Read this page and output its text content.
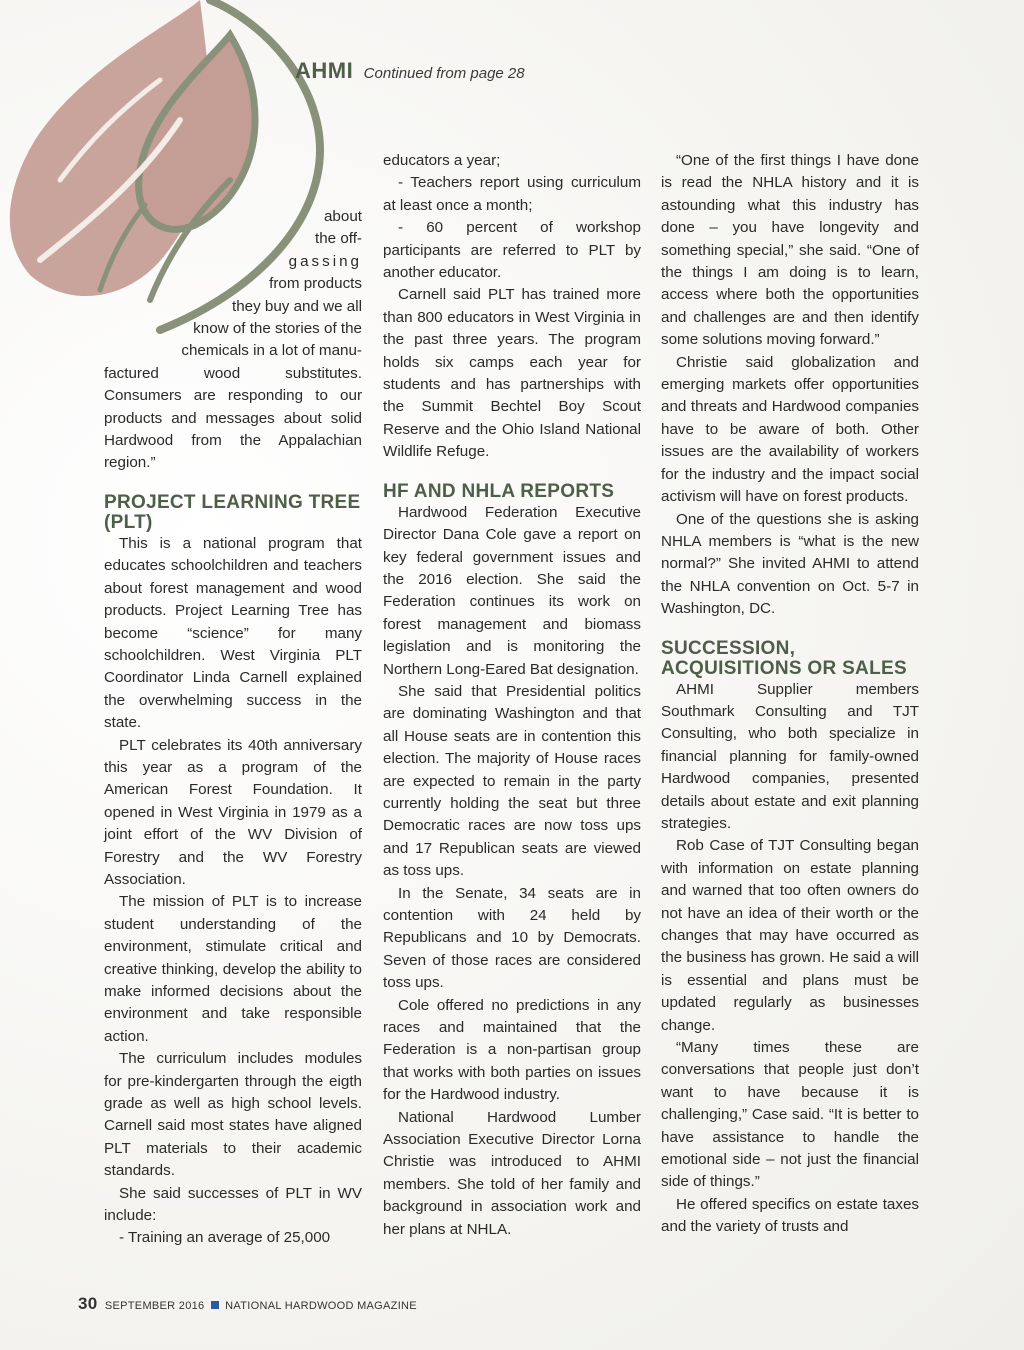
AHMI Continued from page 28
about
the off-
gassing
from products
they buy and we all
know of the stories of the
chemicals in a lot of manu-

factured wood substitutes. Consumers are responding to our products and messages about solid Hardwood from the Appalachian region.”

PROJECT LEARNING TREE (PLT)

This is a national program that educates schoolchildren and teachers about forest management and wood products. Project Learning Tree has become “science” for many schoolchildren. West Virginia PLT Coordinator Linda Carnell explained the overwhelming success in the state.

PLT celebrates its 40th anniversary this year as a program of the American Forest Foundation. It opened in West Virginia in 1979 as a joint effort of the WV Division of Forestry and the WV Forestry Association.

The mission of PLT is to increase student understanding of the environment, stimulate critical and creative thinking, develop the ability to make informed decisions about the environment and take responsible action.

The curriculum includes modules for pre-kindergarten through the eigth grade as well as high school levels. Carnell said most states have aligned PLT materials to their academic standards.

She said successes of PLT in WV include:

- Training an average of 25,000

educators a year;

- Teachers report using curriculum at least once a month;

- 60 percent of workshop participants are referred to PLT by another educator.

Carnell said PLT has trained more than 800 educators in West Virginia in the past three years. The program holds six camps each year for students and has partnerships with the Summit Bechtel Boy Scout Reserve and the Ohio Island National Wildlife Refuge.

HF AND NHLA REPORTS

Hardwood Federation Executive Director Dana Cole gave a report on key federal government issues and the 2016 election. She said the Federation continues its work on forest management and biomass legislation and is monitoring the Northern Long-Eared Bat designation.

She said that Presidential politics are dominating Washington and that all House seats are in contention this election. The majority of House races are expected to remain in the party currently holding the seat but three Democratic races are now toss ups and 17 Republican seats are viewed as toss ups.

In the Senate, 34 seats are in contention with 24 held by Republicans and 10 by Democrats. Seven of those races are considered toss ups.

Cole offered no predictions in any races and maintained that the Federation is a non-partisan group that works with both parties on issues for the Hardwood industry.

National Hardwood Lumber Association Executive Director Lorna Christie was introduced to AHMI members. She told of her family and background in association work and her plans at NHLA.

“One of the first things I have done is read the NHLA history and it is astounding what this industry has done – you have longevity and something special,” she said. “One of the things I am doing is to learn, access where both the opportunities and challenges are and then identify some solutions moving forward.”

Christie said globalization and emerging markets offer opportunities and threats and Hardwood companies have to be aware of both. Other issues are the availability of workers for the industry and the impact social activism will have on forest products.

One of the questions she is asking NHLA members is “what is the new normal?” She invited AHMI to attend the NHLA convention on Oct. 5-7 in Washington, DC.

SUCCESSION, ACQUISITIONS OR SALES

AHMI Supplier members Southmark Consulting and TJT Consulting, who both specialize in financial planning for family-owned Hardwood companies, presented details about estate and exit planning strategies.

Rob Case of TJT Consulting began with information on estate planning and warned that too often owners do not have an idea of their worth or the changes that may have occurred as the business has grown. He said a will is essential and plans must be updated regularly as businesses change.

“Many times these are conversations that people just don’t want to have because it is challenging,” Case said. “It is better to have assistance to handle the emotional side – not just the financial side of things.”

He offered specifics on estate taxes and the variety of trusts and

30 SEPTEMBER 2016 NATIONAL HARDWOOD MAGAZINE
